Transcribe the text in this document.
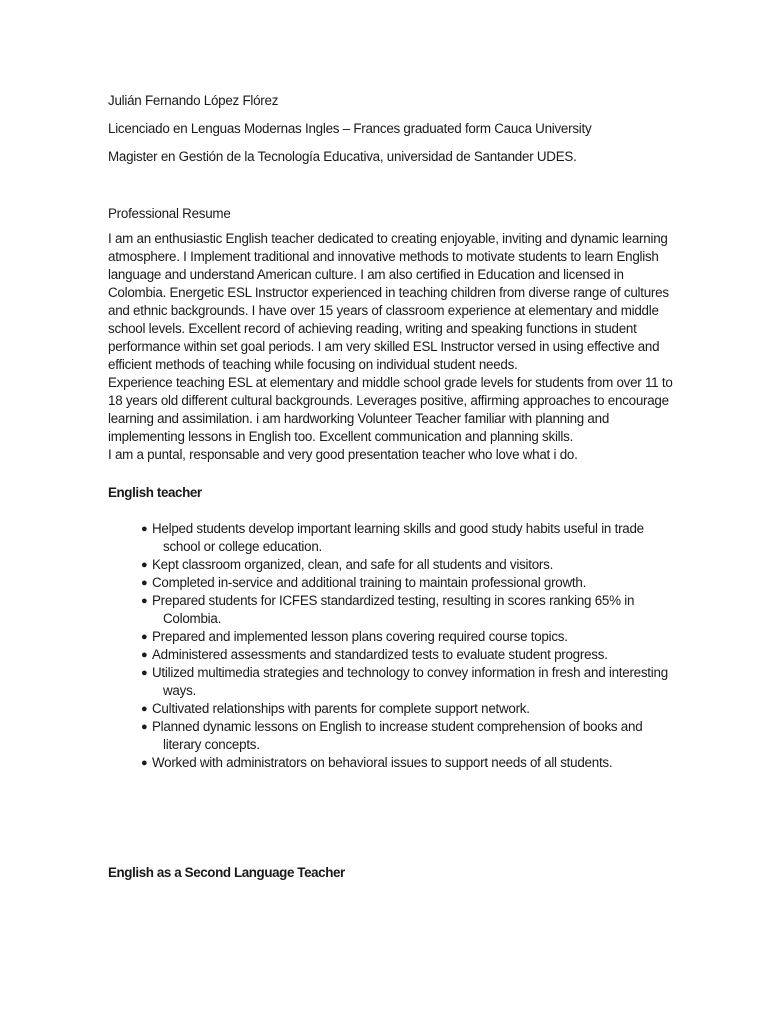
Julián Fernando López Flórez

Licenciado en Lenguas Modernas Ingles – Frances graduated form Cauca University

Magister en Gestión de la Tecnología Educativa, universidad de Santander UDES.

Professional Resume

I am an enthusiastic English teacher dedicated to creating enjoyable, inviting and dynamic learning
atmosphere. I Implement traditional and innovative methods to motivate students to learn English
language and understand American culture. I am also certified in Education and licensed in
Colombia. Energetic ESL Instructor experienced in teaching children from diverse range of cultures
and ethnic backgrounds. I have over 15 years of classroom experience at elementary and middle
school levels. Excellent record of achieving reading, writing and speaking functions in student
performance within set goal periods. I am very skilled ESL Instructor versed in using effective and
efficient methods of teaching while focusing on individual student needs.
Experience teaching ESL at elementary and middle school grade levels for students from over 11 to
18 years old different cultural backgrounds. Leverages positive, affirming approaches to encourage
learning and assimilation. i am hardworking Volunteer Teacher familiar with planning and
implementing lessons in English too. Excellent communication and planning skills.
I am a puntal, responsable and very good presentation teacher who love what i do.

English teacher

● Helped students develop important learning skills and good study habits useful in trade
school or college education.
● Kept classroom organized, clean, and safe for all students and visitors.
● Completed in-service and additional training to maintain professional growth.
● Prepared students for ICFES standardized testing, resulting in scores ranking 65% in
Colombia.
● Prepared and implemented lesson plans covering required course topics.
● Administered assessments and standardized tests to evaluate student progress.
● Utilized multimedia strategies and technology to convey information in fresh and interesting
ways.
● Cultivated relationships with parents for complete support network.
● Planned dynamic lessons on English to increase student comprehension of books and
literary concepts.
● Worked with administrators on behavioral issues to support needs of all students.

English as a Second Language Teacher
